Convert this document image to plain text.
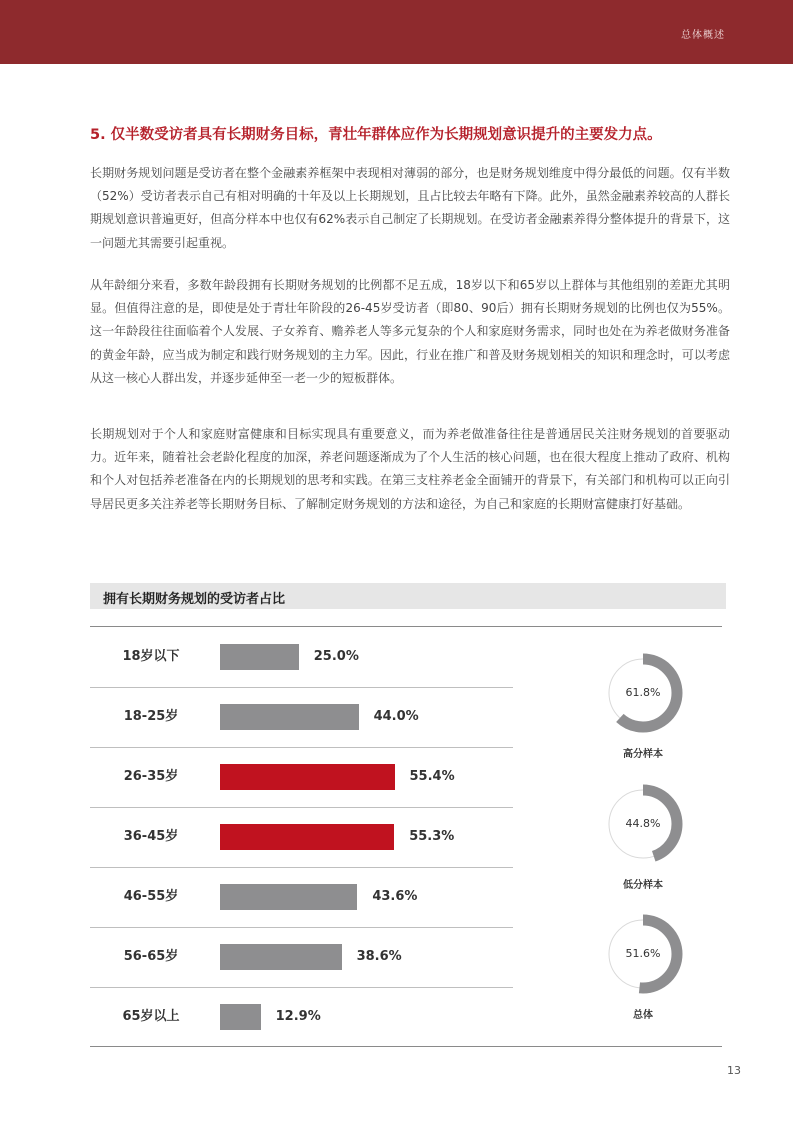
总体概述
5. 仅半数受访者具有长期财务目标，青壮年群体应作为长期规划意识提升的主要发力点。
长期财务规划问题是受访者在整个金融素养框架中表现相对薄弱的部分，也是财务规划维度中得分最低的问题。仅有半数（52%）受访者表示自己有相对明确的十年及以上长期规划，且占比较去年略有下降。此外，虽然金融素养较高的人群长期规划意识普遍更好，但高分样本中也仅有62%表示自己制定了长期规划。在受访者金融素养得分整体提升的背景下，这一问题尤其需要引起重视。
从年龄细分来看，多数年龄段拥有长期财务规划的比例都不足五成，18岁以下和65岁以上群体与其他组别的差距尤其明显。但值得注意的是，即使是处于青壮年阶段的26-45岁受访者（即80、90后）拥有长期财务规划的比例也仅为55%。这一年龄段往往面临着个人发展、子女养育、赡养老人等多元复杂的个人和家庭财务需求，同时也处在为养老做财务准备的黄金年龄，应当成为制定和践行财务规划的主力军。因此，行业在推广和普及财务规划相关的知识和理念时，可以考虑从这一核心人群出发，并逐步延伸至一老一少的短板群体。
长期规划对于个人和家庭财富健康和目标实现具有重要意义，而为养老做准备往往是普通居民关注财务规划的首要驱动力。近年来，随着社会老龄化程度的加深，养老问题逐渐成为了个人生活的核心问题，也在很大程度上推动了政府、机构和个人对包括养老准备在内的长期规划的思考和实践。在第三支柱养老金全面铺开的背景下，有关部门和机构可以正向引导居民更多关注养老等长期财务目标、了解制定财务规划的方法和途径，为自己和家庭的长期财富健康打好基础。
拥有长期财务规划的受访者占比
18岁以下	25.0%
18-25岁	44.0%
26-35岁	55.4%
36-45岁	55.3%
46-55岁	43.6%
56-65岁	38.6%
65岁以上	12.9%
61.8%
高分样本
44.8%
低分样本
51.6%
总体
13
